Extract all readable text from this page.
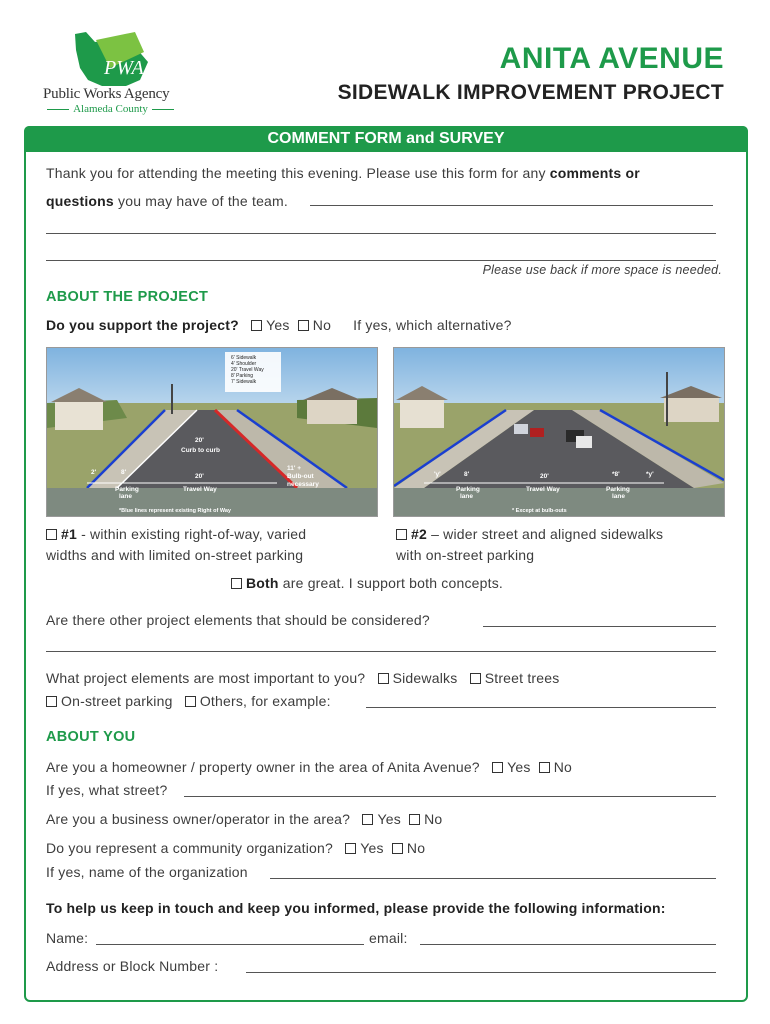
PWA
Public Works Agency
Alameda County
ANITA AVENUE
SIDEWALK IMPROVEMENT PROJECT
COMMENT FORM and SURVEY
Thank you for attending the meeting this evening. Please use this form for any comments or
questions you may have of the team.
Please use back if more space is needed.
ABOUT THE PROJECT
Do you support the project? Yes No If yes, which alternative?
6' Sidewalk
4' Shoulder
20' Travel Way
8' Parking
7' Sidewalk
20'
Curb to curb
2'	8'
Parking
lane
20'
Travel Way
11' +
Bulb-out
necessary
*Blue lines represent existing Right of Way
'y'	8'
Parking
lane
20'
Travel Way
*8'	*y'
Parking
lane
* Except at bulb-outs
#1 - within existing right-of-way, varied
widths and with limited on-street parking
#2 – wider street and aligned sidewalks
with on-street parking
Both are great. I support both concepts.
Are there other project elements that should be considered?
What project elements are most important to you? Sidewalks Street trees
On-street parking Others, for example:
ABOUT YOU
Are you a homeowner / property owner in the area of Anita Avenue? Yes No
If yes, what street?
Are you a business owner/operator in the area? Yes No
Do you represent a community organization? Yes No
If yes, name of the organization
To help us keep in touch and keep you informed, please provide the following information:
Name:	email:
Address or Block Number :
